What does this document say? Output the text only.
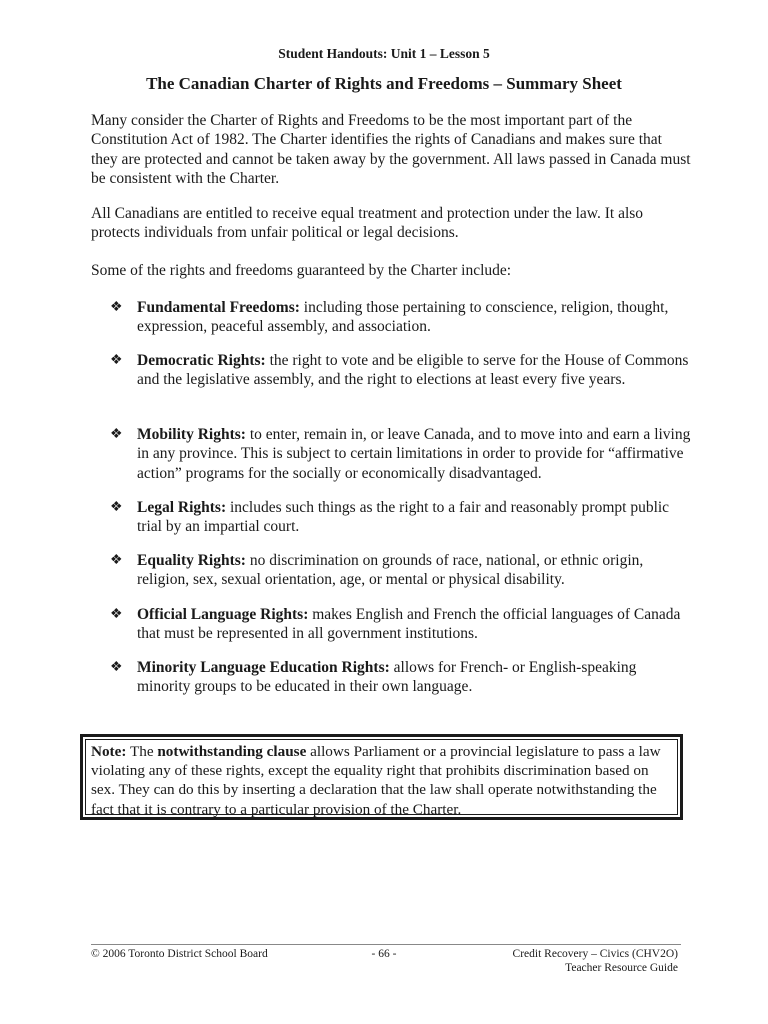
Student Handouts: Unit 1 – Lesson 5
The Canadian Charter of Rights and Freedoms – Summary Sheet

Many consider the Charter of Rights and Freedoms to be the most important part of the Constitution Act of 1982. The Charter identifies the rights of Canadians and makes sure that they are protected and cannot be taken away by the government. All laws passed in Canada must be consistent with the Charter.

All Canadians are entitled to receive equal treatment and protection under the law. It also protects individuals from unfair political or legal decisions.

Some of the rights and freedoms guaranteed by the Charter include:

❖ Fundamental Freedoms: including those pertaining to conscience, religion, thought, expression, peaceful assembly, and association.
❖ Democratic Rights: the right to vote and be eligible to serve for the House of Commons and the legislative assembly, and the right to elections at least every five years.
❖ Mobility Rights: to enter, remain in, or leave Canada, and to move into and earn a living in any province. This is subject to certain limitations in order to provide for “affirmative action” programs for the socially or economically disadvantaged.
❖ Legal Rights: includes such things as the right to a fair and reasonably prompt public trial by an impartial court.
❖ Equality Rights: no discrimination on grounds of race, national, or ethnic origin, religion, sex, sexual orientation, age, or mental or physical disability.
❖ Official Language Rights: makes English and French the official languages of Canada that must be represented in all government institutions.
❖ Minority Language Education Rights: allows for French- or English-speaking minority groups to be educated in their own language.
Note: The notwithstanding clause allows Parliament or a provincial legislature to pass a law violating any of these rights, except the equality right that prohibits discrimination based on sex. They can do this by inserting a declaration that the law shall operate notwithstanding the fact that it is contrary to a particular provision of the Charter.
© 2006 Toronto District School Board	- 66 -	Credit Recovery – Civics (CHV2O)
Teacher Resource Guide
